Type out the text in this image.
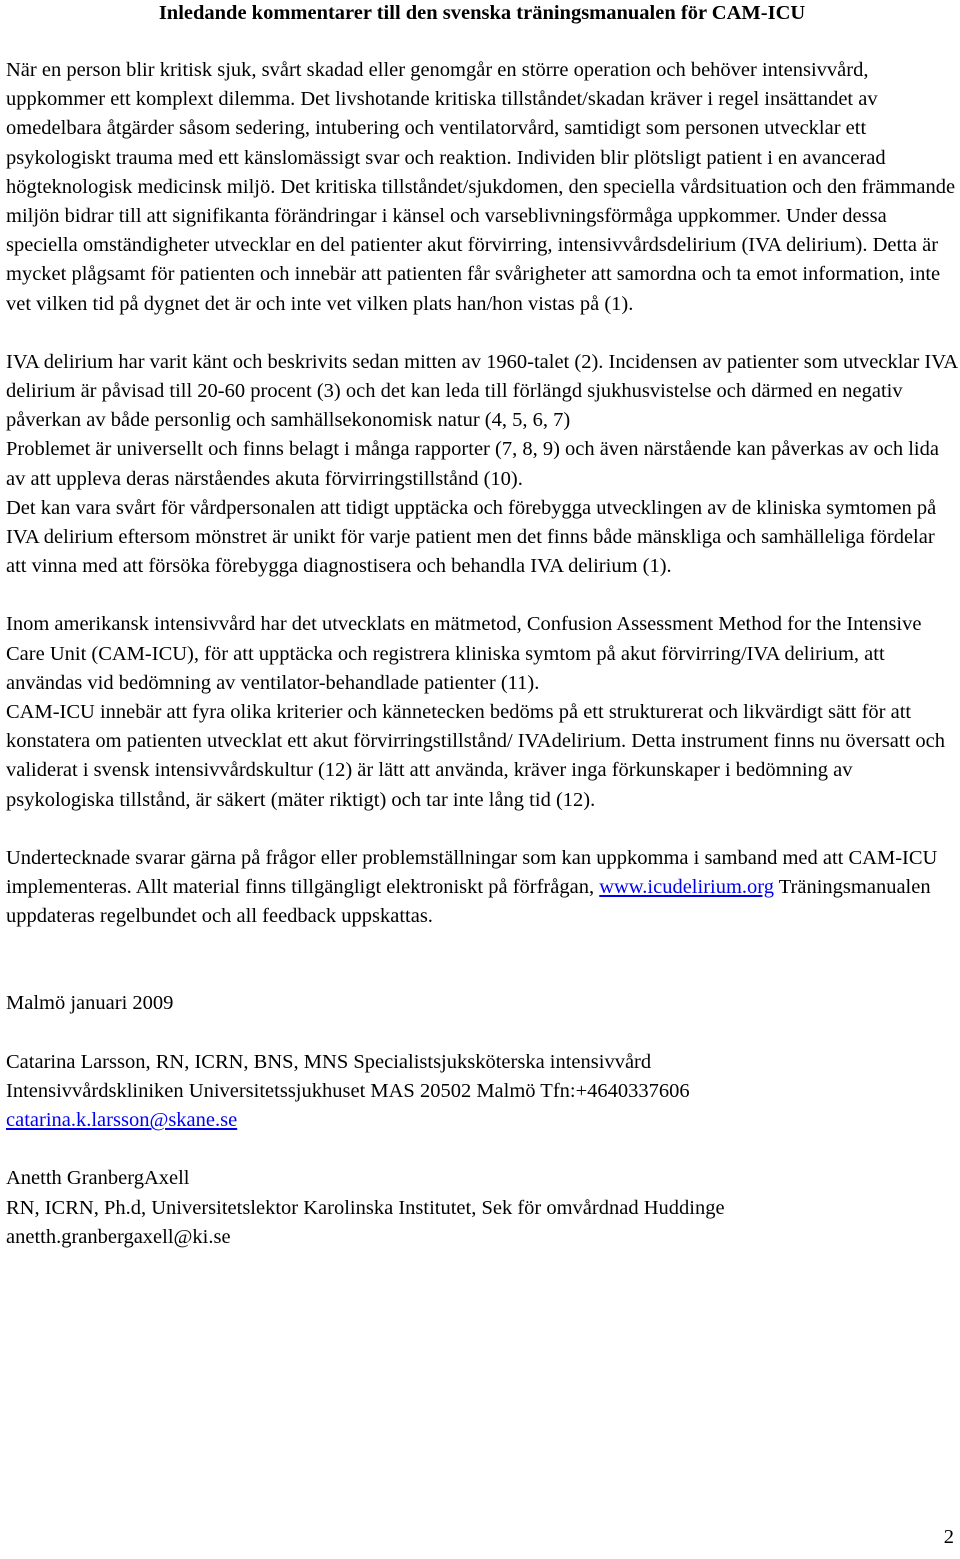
Inledande kommentarer till den svenska träningsmanualen för CAM-ICU

När en person blir kritisk sjuk, svårt skadad eller genomgår en större operation och behöver intensivvård, uppkommer ett komplext dilemma. Det livshotande kritiska tillståndet/skadan kräver i regel insättandet av omedelbara åtgärder såsom sedering, intubering och ventilatorvård, samtidigt som personen utvecklar ett psykologiskt trauma med ett känslomässigt svar och reaktion. Individen blir plötsligt patient i en avancerad högteknologisk medicinsk miljö. Det kritiska tillståndet/sjukdomen, den speciella vårdsituation och den främmande miljön bidrar till att signifikanta förändringar i känsel och varseblivningsförmåga uppkommer. Under dessa speciella omständigheter utvecklar en del patienter akut förvirring, intensivvårdsdelirium (IVA delirium). Detta är mycket plågsamt för patienten och innebär att patienten får svårigheter att samordna och ta emot information, inte vet vilken tid på dygnet det är och inte vet vilken plats han/hon vistas på (1).

IVA delirium har varit känt och beskrivits sedan mitten av 1960-talet (2). Incidensen av patienter som utvecklar IVA delirium är påvisad till 20-60 procent (3) och det kan leda till förlängd sjukhusvistelse och därmed en negativ påverkan av både personlig och samhällsekonomisk natur (4, 5, 6, 7)

Problemet är universellt och finns belagt i många rapporter (7, 8, 9) och även närstående kan påverkas av och lida av att uppleva deras närståendes akuta förvirringstillstånd (10).

Det kan vara svårt för vårdpersonalen att tidigt upptäcka och förebygga utvecklingen av de kliniska symtomen på IVA delirium eftersom mönstret är unikt för varje patient men det finns både mänskliga och samhälleliga fördelar att vinna med att försöka förebygga diagnostisera och behandla IVA delirium (1).

Inom amerikansk intensivvård har det utvecklats en mätmetod, Confusion Assessment Method for the Intensive Care Unit (CAM-ICU), för att upptäcka och registrera kliniska symtom på akut förvirring/IVA delirium, att användas vid bedömning av ventilator-behandlade patienter (11).

CAM-ICU innebär att fyra olika kriterier och kännetecken bedöms på ett strukturerat och likvärdigt sätt för att konstatera om patienten utvecklat ett akut förvirringstillstånd/ IVAdelirium. Detta instrument finns nu översatt och validerat i svensk intensivvårdskultur (12) är lätt att använda, kräver inga förkunskaper i bedömning av psykologiska tillstånd, är säkert (mäter riktigt) och tar inte lång tid (12).

Undertecknade svarar gärna på frågor eller problemställningar som kan uppkomma i samband med att CAM-ICU implementeras. Allt material finns tillgängligt elektroniskt på förfrågan, www.icudelirium.org Träningsmanualen uppdateras regelbundet och all feedback uppskattas.

Malmö januari 2009

Catarina Larsson, RN, ICRN, BNS, MNS Specialistsjuksköterska intensivvård

Intensivvårdskliniken Universitetssjukhuset MAS 20502 Malmö Tfn:+4640337606

catarina.k.larsson@skane.se

Anetth GranbergAxell

RN, ICRN, Ph.d, Universitetslektor Karolinska Institutet, Sek för omvårdnad Huddinge

anetth.granbergaxell@ki.se

2
